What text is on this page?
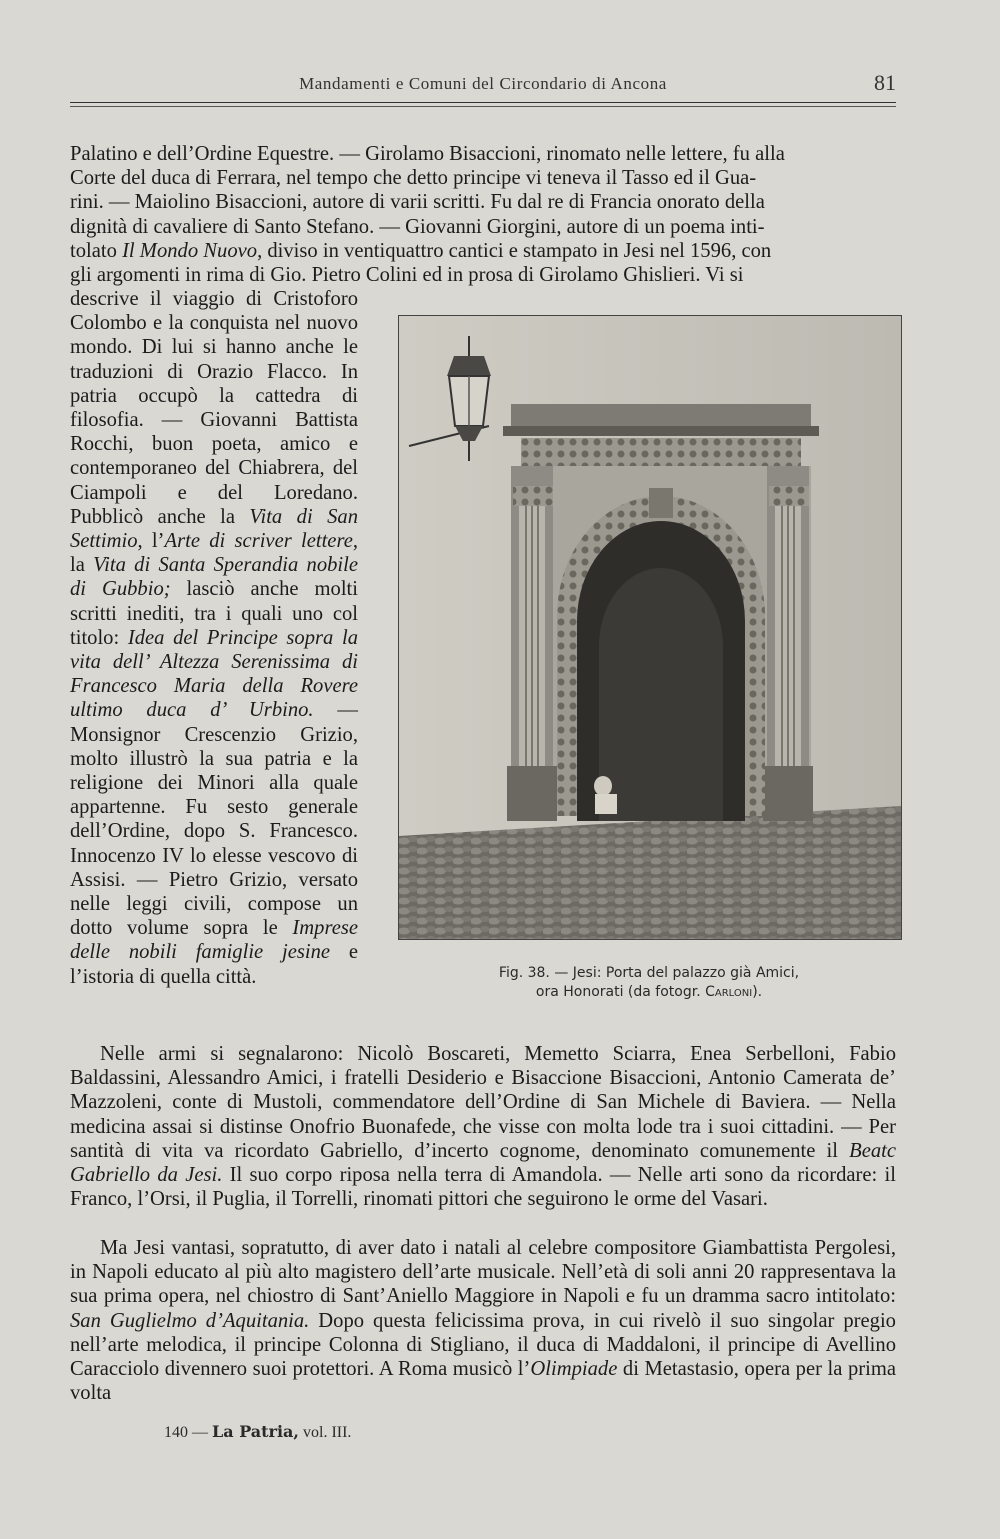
Mandamenti e Comuni del Circondario di Ancona	81

Palatino e dell’Ordine Equestre. — Girolamo Bisaccioni, rinomato nelle lettere, fu alla

Corte del duca di Ferrara, nel tempo che detto principe vi teneva il Tasso ed il Gua-

rini. — Maiolino Bisaccioni, autore di varii scritti. Fu dal re di Francia onorato della

dignità di cavaliere di Santo Stefano. — Giovanni Giorgini, autore di un poema inti-

tolato Il Mondo Nuovo, diviso in ventiquattro cantici e stampato in Jesi nel 1596, con

gli argomenti in rima di Gio. Pietro Colini ed in prosa di Girolamo Ghislieri. Vi si

descrive il viaggio di Cristoforo Colombo e la conquista nel nuovo mondo. Di lui si hanno anche le traduzioni di Orazio Flacco. In patria occupò la cattedra di filosofia. — Giovanni Battista Rocchi, buon poeta, amico e contemporaneo del Chiabrera, del Ciampoli e del Loredano. Pubblicò anche la Vita di San Settimio, l’Arte di scriver lettere, la Vita di Santa Sperandia nobile di Gubbio; lasciò anche molti scritti inediti, tra i quali uno col titolo: Idea del Principe sopra la vita dell’ Altezza Serenissima di Francesco Maria della Rovere ultimo duca d’ Urbino. — Monsignor Crescenzio Grizio, molto illustrò la sua patria e la religione dei Minori alla quale appartenne. Fu sesto generale dell’Ordine, dopo S. Francesco. Innocenzo IV lo elesse vescovo di Assisi. — Pietro Grizio, versato nelle leggi civili, compose un dotto volume sopra le Imprese delle nobili famiglie jesine e l’istoria di quella città.	Fig. 38. — Jesi: Porta del palazzo già Amici,
ora Honorati (da fotogr. Carloni).

Nelle armi si segnalarono: Nicolò Boscareti, Memetto Sciarra, Enea Serbelloni, Fabio Baldassini, Alessandro Amici, i fratelli Desiderio e Bisaccione Bisaccioni, Antonio Camerata de’ Mazzoleni, conte di Mustoli, commendatore dell’Ordine di San Michele di Baviera. — Nella medicina assai si distinse Onofrio Buonafede, che visse con molta lode tra i suoi cittadini. — Per santità di vita va ricordato Gabriello, d’incerto cognome, denominato comunemente il Beatc Gabriello da Jesi. Il suo corpo riposa nella terra di Amandola. — Nelle arti sono da ricordare: il Franco, l’Orsi, il Puglia, il Torrelli, rinomati pittori che seguirono le orme del Vasari.

Ma Jesi vantasi, sopratutto, di aver dato i natali al celebre compositore Giambattista Pergolesi, in Napoli educato al più alto magistero dell’arte musicale. Nell’età di soli anni 20 rappresentava la sua prima opera, nel chiostro di Sant’Aniello Maggiore in Napoli e fu un dramma sacro intitolato: San Guglielmo d’Aquitania. Dopo questa felicissima prova, in cui rivelò il suo singolar pregio nell’arte melodica, il principe Colonna di Stigliano, il duca di Maddaloni, il principe di Avellino Caracciolo divennero suoi protettori. A Roma musicò l’Olimpiade di Metastasio, opera per la prima volta

140 — La Patria, vol. III.
